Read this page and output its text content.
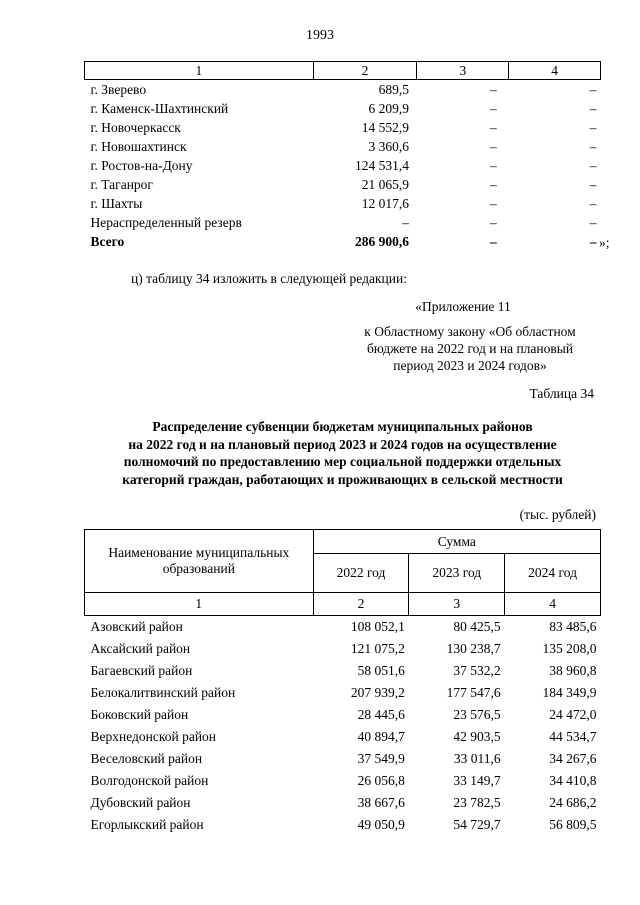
1993
1	2	3	4
г. Зверево	689,5	–	–
г. Каменск-Шахтинский	6 209,9	–	–
г. Новочеркасск	14 552,9	–	–
г. Новошахтинск	3 360,6	–	–
г. Ростов-на-Дону	124 531,4	–	–
г. Таганрог	21 065,9	–	–
г. Шахты	12 017,6	–	–
Нераспределенный резерв	–	–	–
Всего	286 900,6	–	– »;
ц) таблицу 34 изложить в следующей редакции:
«Приложение 11
к Областному закону «Об областном
бюджете на 2022 год и на плановый
период 2023 и 2024 годов»
Таблица 34
Распределение субвенции бюджетам муниципальных районов
на 2022 год и на плановый период 2023 и 2024 годов на осуществление
полномочий по предоставлению мер социальной поддержки отдельных
категорий граждан, работающих и проживающих в сельской местности
(тыс. рублей)
Наименование муниципальных образований	Сумма		
	2022 год	2023 год	2024 год
1	2	3	4
Азовский район	108 052,1	80 425,5	83 485,6
Аксайский район	121 075,2	130 238,7	135 208,0
Багаевский район	58 051,6	37 532,2	38 960,8
Белокалитвинский район	207 939,2	177 547,6	184 349,9
Боковский район	28 445,6	23 576,5	24 472,0
Верхнедонской район	40 894,7	42 903,5	44 534,7
Веселовский район	37 549,9	33 011,6	34 267,6
Волгодонской район	26 056,8	33 149,7	34 410,8
Дубовский район	38 667,6	23 782,5	24 686,2
Егорлыкский район	49 050,9	54 729,7	56 809,5
